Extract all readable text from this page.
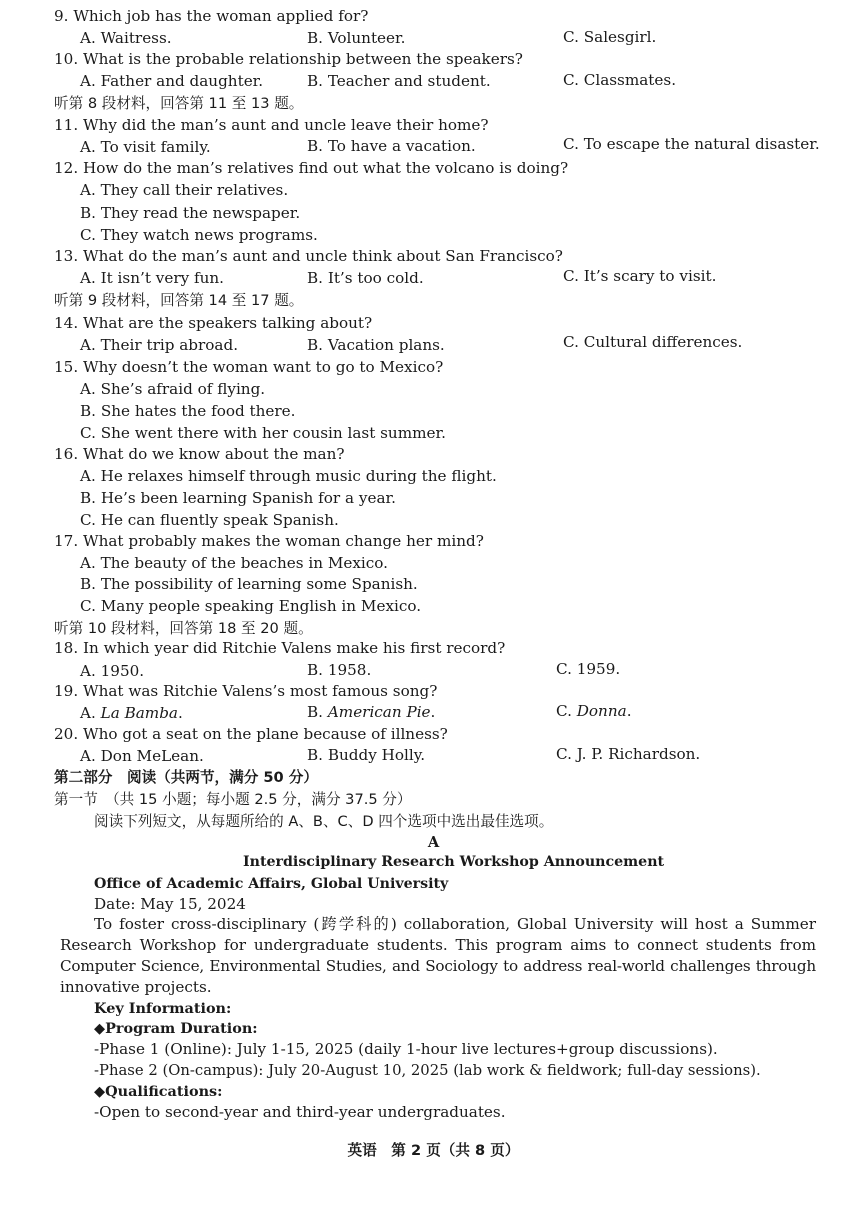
9. Which job has the woman applied for?
A. Waitress.	B. Volunteer.	C. Salesgirl.
10. What is the probable relationship between the speakers?
A. Father and daughter.	B. Teacher and student.	C. Classmates.
听第 8 段材料，回答第 11 至 13 题。
11. Why did the man’s aunt and uncle leave their home?
A. To visit family.	B. To have a vacation.	C. To escape the natural disaster.
12. How do the man’s relatives find out what the volcano is doing?
A. They call their relatives.
B. They read the newspaper.
C. They watch news programs.
13. What do the man’s aunt and uncle think about San Francisco?
A. It isn’t very fun.	B. It’s too cold.	C. It’s scary to visit.
听第 9 段材料，回答第 14 至 17 题。
14. What are the speakers talking about?
A. Their trip abroad.	B. Vacation plans.	C. Cultural differences.
15. Why doesn’t the woman want to go to Mexico?
A. She’s afraid of flying.
B. She hates the food there.
C. She went there with her cousin last summer.
16. What do we know about the man?
A. He relaxes himself through music during the flight.
B. He’s been learning Spanish for a year.
C. He can fluently speak Spanish.
17. What probably makes the woman change her mind?
A. The beauty of the beaches in Mexico.
B. The possibility of learning some Spanish.
C. Many people speaking English in Mexico.
听第 10 段材料，回答第 18 至 20 题。
18. In which year did Ritchie Valens make his first record?
A. 1950.	B. 1958.	C. 1959.
19. What was Ritchie Valens’s most famous song?
A. La Bamba.	B. American Pie.	C. Donna.
20. Who got a seat on the plane because of illness?
A. Don MeLean.	B. Buddy Holly.	C. J. P. Richardson.
第二部分　阅读（共两节，满分 50 分）
第一节　（共 15 小题；每小题 2.5 分，满分 37.5 分）
阅读下列短文，从每题所给的 A、B、C、D 四个选项中选出最佳选项。
A
Interdisciplinary Research Workshop Announcement
Office of Academic Affairs, Global University
Date: May 15, 2024
To foster cross-disciplinary (跨学科的) collaboration, Global University will host a Summer
Research Workshop for undergraduate students. This program aims to connect students from
Computer Science, Environmental Studies, and Sociology to address real-world challenges through
innovative projects.
Key Information:
◆Program Duration:
-Phase 1 (Online): July 1-15, 2025 (daily 1-hour live lectures+group discussions).
-Phase 2 (On-campus): July 20-August 10, 2025 (lab work & fieldwork; full-day sessions).
◆Qualifications:
-Open to second-year and third-year undergraduates.
英语　第 2 页（共 8 页）
